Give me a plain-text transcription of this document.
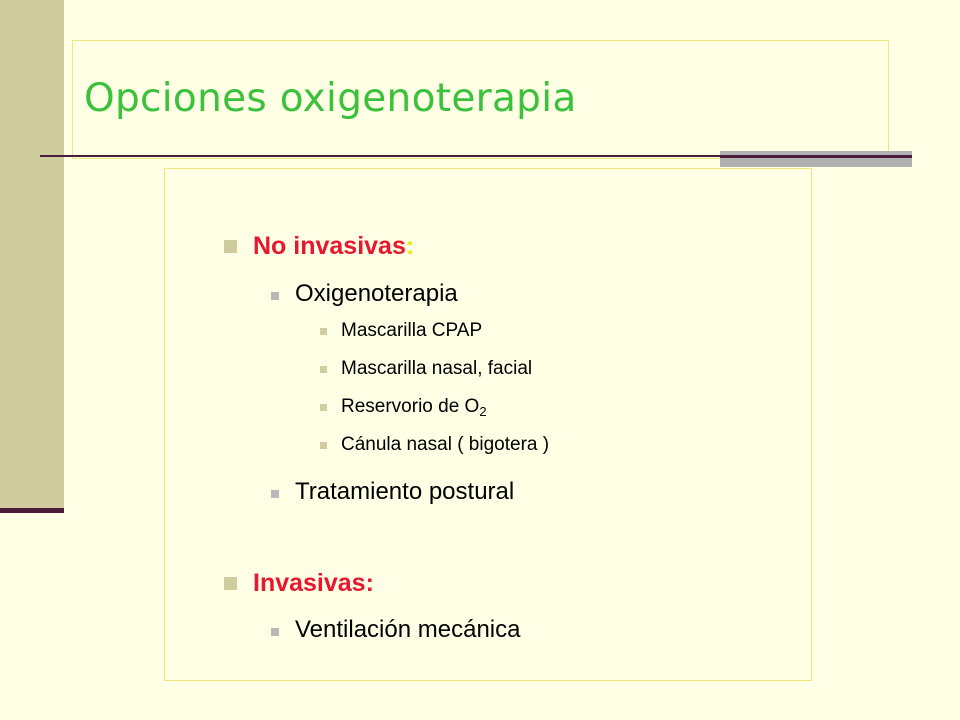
Opciones oxigenoterapia
No invasivas:
Oxigenoterapia
Mascarilla CPAP
Mascarilla nasal, facial
Reservorio de $O_2$
Cánula nasal ( bigotera )
Tratamiento postural
Invasivas:
Ventilación mecánica
